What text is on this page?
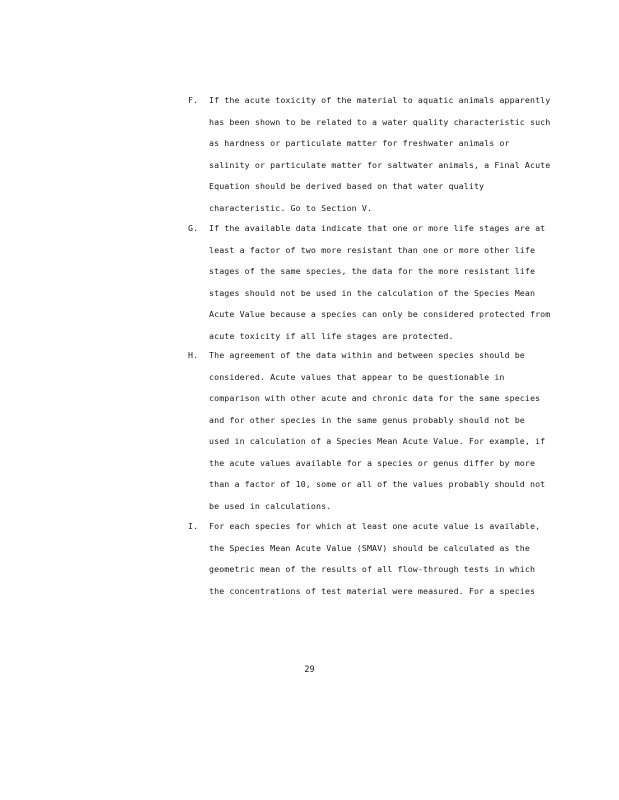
F. If the acute toxicity of the material to aquatic animals apparently
has been shown to be related to a water quality characteristic such
as hardness or particulate matter for freshwater animals or
salinity or particulate matter for saltwater animals, a Final Acute
Equation should be derived based on that water quality
characteristic. Go to Section V.
G. If the available data indicate that one or more life stages are at
least a factor of two more resistant than one or more other life
stages of the same species, the data for the more resistant life
stages should not be used in the calculation of the Species Mean
Acute Value because a species can only be considered protected from
acute toxicity if all life stages are protected.
H. The agreement of the data within and between species should be
considered. Acute values that appear to be questionable in
comparison with other acute and chronic data for the same species
and for other species in the same genus probably should not be
used in calculation of a Species Mean Acute Value. For example, if
the acute values available for a species or genus differ by more
than a factor of 10, some or all of the values probably should not
be used in calculations.
I. For each species for which at least one acute value is available,
the Species Mean Acute Value (SMAV) should be calculated as the
geometric mean of the results of all flow-through tests in which
the concentrations of test material were measured. For a species
29
